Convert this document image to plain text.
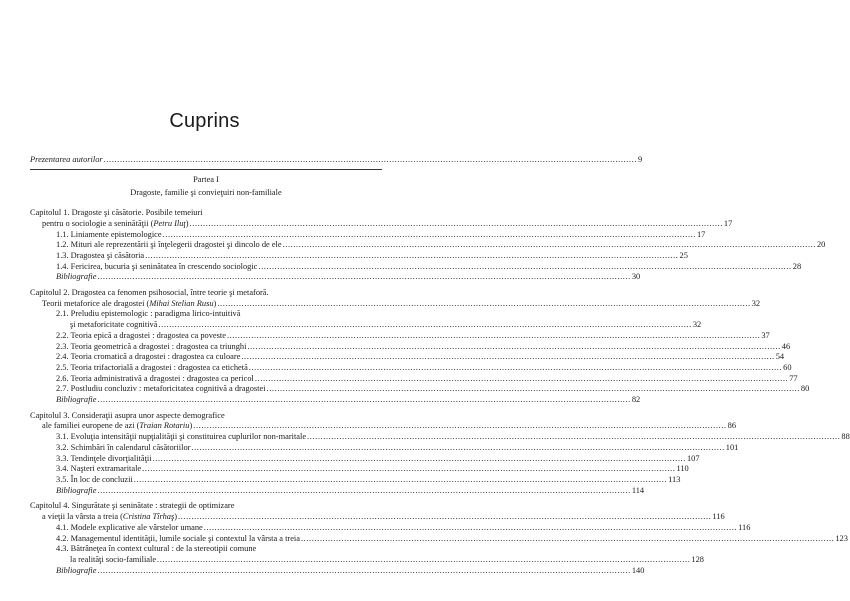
Cuprins
Prezentarea autorilor .....	9
Partea I
Dragoste, familie şi convieţuiri non-familiale
Capitolul 1. Dragoste şi căsătorie. Posibile temeiuri
pentru o sociologie a seninătăţii (Petru Iluţ) .....	17
1.1. Liniamente epistemologice .....	17
1.2. Mituri ale reprezentării şi înţelegerii dragostei şi dincolo de ele .....	20
1.3. Dragostea şi căsătoria .....	25
1.4. Fericirea, bucuria şi seninătatea în crescendo sociologic .....	28
Bibliografie .....	30
Capitolul 2. Dragostea ca fenomen psihosocial, între teorie şi metaforă.
Teorii metaforice ale dragostei (Mihai Stelian Rusu) .....	32
2.1. Preludiu epistemologic : paradigma lirico-intuitivă
şi metaforicitate cognitivă .....	32
2.2. Teoria epică a dragostei : dragostea ca poveste .....	37
2.3. Teoria geometrică a dragostei : dragostea ca triunghi .....	46
2.4. Teoria cromatică a dragostei : dragostea ca culoare .....	54
2.5. Teoria trifactorială a dragostei : dragostea ca etichetă .....	60
2.6. Teoria administrativă a dragostei : dragostea ca pericol .....	77
2.7. Postludiu concluziv : metaforicitatea cognitivă a dragostei .....	80
Bibliografie .....	82
Capitolul 3. Consideraţii asupra unor aspecte demografice
ale familiei europene de azi (Traian Rotariu) .....	86
3.1. Evoluţia intensităţii nupţialităţii şi constituirea cuplurilor non-maritale .....	88
3.2. Schimbări în calendarul căsătoriilor .....	101
3.3. Tendinţele divorţialităţii .....	107
3.4. Naşteri extramaritale .....	110
3.5. În loc de concluzii .....	113
Bibliografie .....	114
Capitolul 4. Singurătate şi seninătate : strategii de optimizare
a vieţii la vârsta a treia (Cristina Tîrhaş) .....	116
4.1. Modele explicative ale vârstelor umane .....	116
4.2. Managementul identităţii, lumile sociale şi contextul la vârsta a treia .....	123
4.3. Bătrâneţea în context cultural : de la stereotipii comune
la realităţi socio-familiale .....	128
Bibliografie .....	140
